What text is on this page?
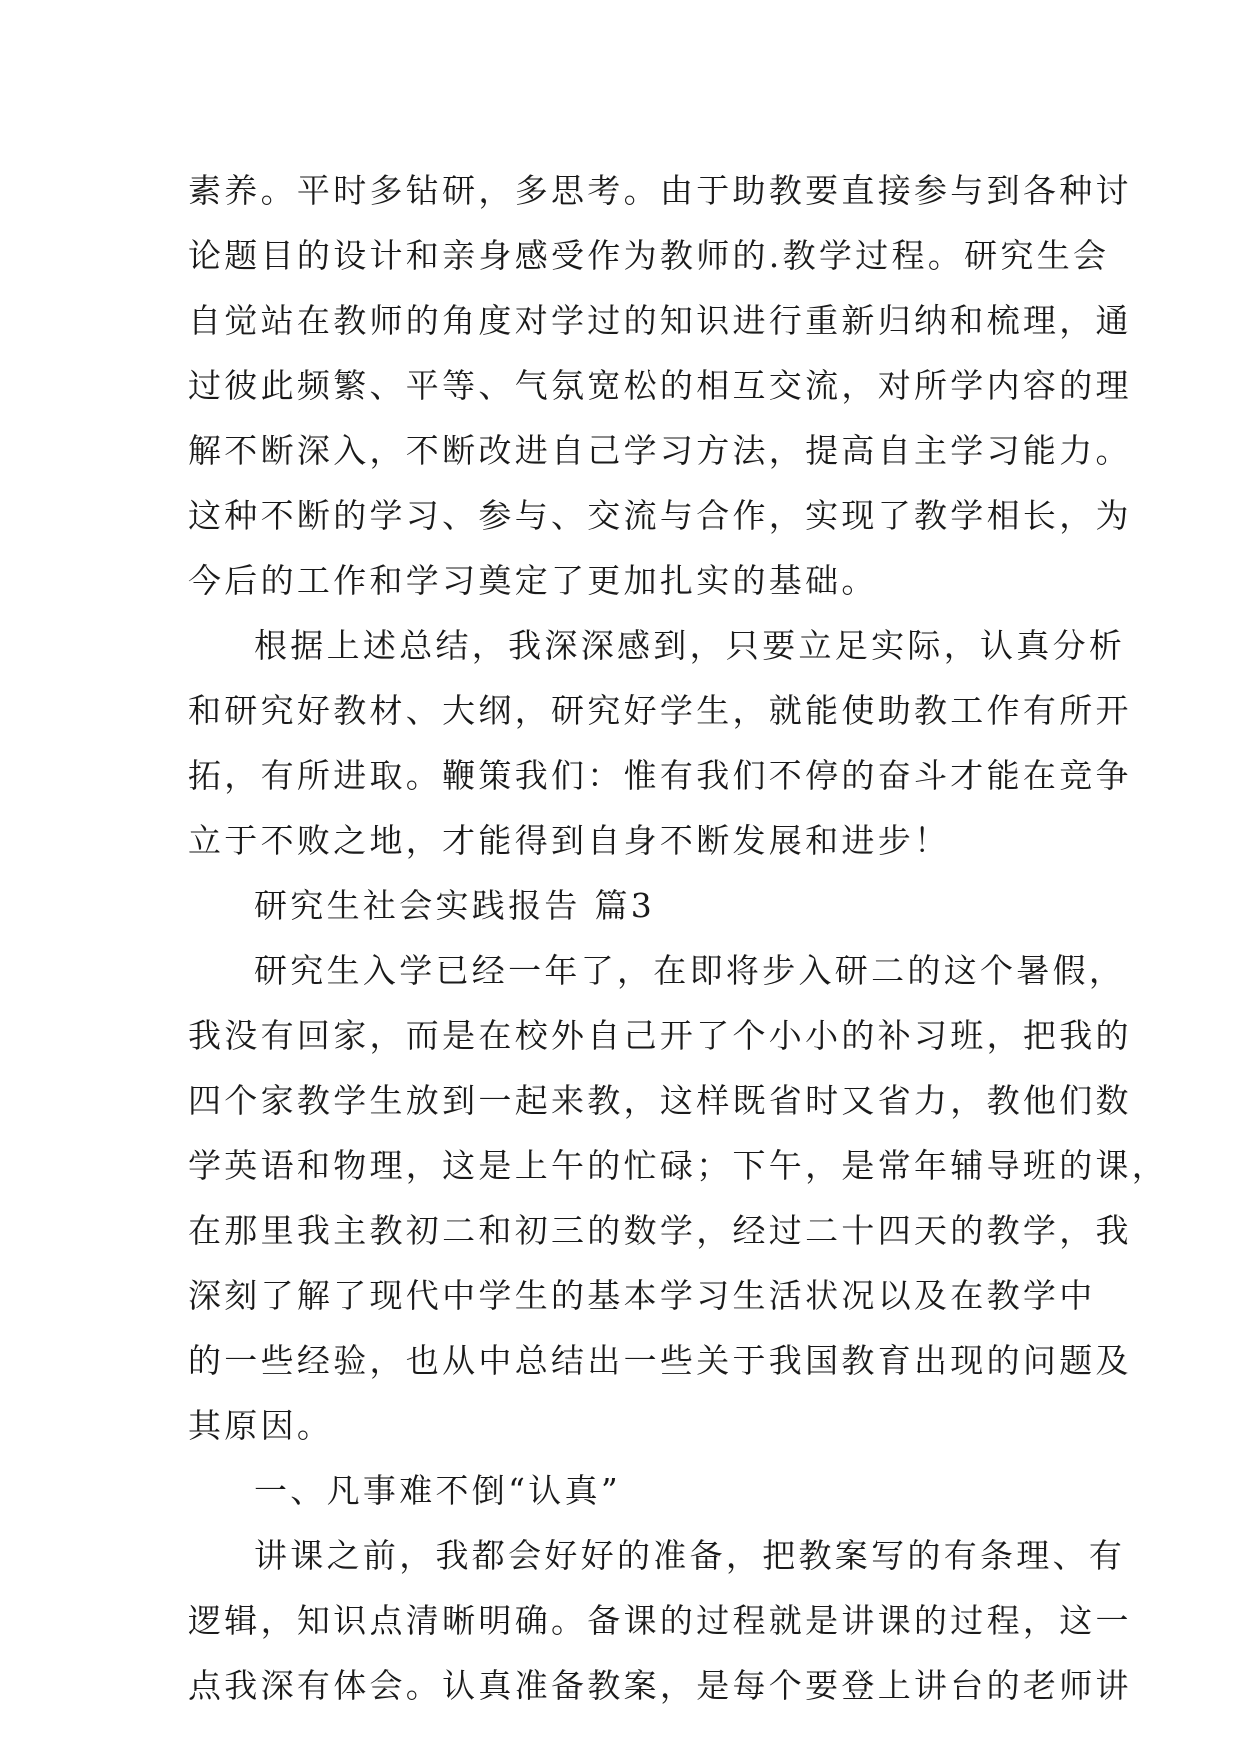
素养。平时多钻研，多思考。由于助教要直接参与到各种讨
论题目的设计和亲身感受作为教师的.教学过程。研究生会
自觉站在教师的角度对学过的知识进行重新归纳和梳理，通
过彼此频繁、平等、气氛宽松的相互交流，对所学内容的理
解不断深入，不断改进自己学习方法，提高自主学习能力。
这种不断的学习、参与、交流与合作，实现了教学相长，为
今后的工作和学习奠定了更加扎实的基础。
根据上述总结，我深深感到，只要立足实际，认真分析
和研究好教材、大纲，研究好学生，就能使助教工作有所开
拓，有所进取。鞭策我们：惟有我们不停的奋斗才能在竞争
立于不败之地，才能得到自身不断发展和进步！
研究生社会实践报告 篇3
研究生入学已经一年了，在即将步入研二的这个暑假，
我没有回家，而是在校外自己开了个小小的补习班，把我的
四个家教学生放到一起来教，这样既省时又省力，教他们数
学英语和物理，这是上午的忙碌；下午，是常年辅导班的课，
在那里我主教初二和初三的数学，经过二十四天的教学，我
深刻了解了现代中学生的基本学习生活状况以及在教学中
的一些经验，也从中总结出一些关于我国教育出现的问题及
其原因。
一、凡事难不倒“认真”
讲课之前，我都会好好的准备，把教案写的有条理、有
逻辑，知识点清晰明确。备课的过程就是讲课的过程，这一
点我深有体会。认真准备教案，是每个要登上讲台的老师讲
